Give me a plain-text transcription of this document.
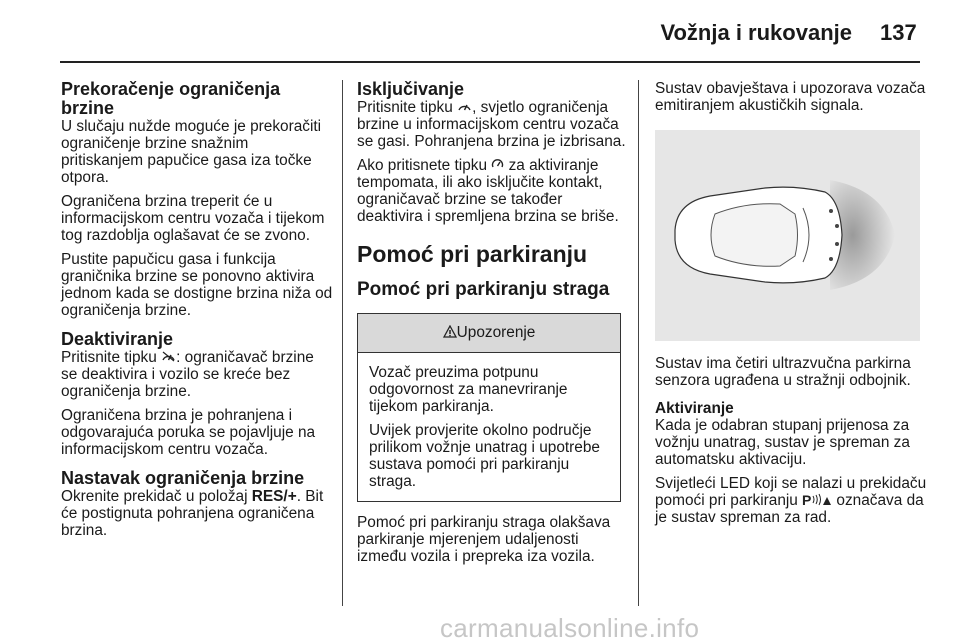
Vožnja i rukovanje 137
Prekoračenje ograničenja brzine

U slučaju nužde moguće je prekoračiti ograničenje brzine snažnim pritiskanjem papučice gasa iza točke otpora.

Ograničena brzina treperit će u informacijskom centru vozača i tijekom tog razdoblja oglašavat će se zvono.

Pustite papučicu gasa i funkcija graničnika brzine se ponovno aktivira jednom kada se dostigne brzina niža od ograničenja brzine.

Deaktiviranje

Pritisnite tipku : ograničavač brzine se deaktivira i vozilo se kreće bez ograničenja brzine.

Ograničena brzina je pohranjena i odgovarajuća poruka se pojavljuje na informacijskom centru vozača.

Nastavak ograničenja brzine

Okrenite prekidač u položaj RES/+. Bit će postignuta pohranjena ograničena brzina.

Isključivanje

Pritisnite tipku , svjetlo ograničenja brzine u informacijskom centru vozača se gasi. Pohranjena brzina je izbrisana.

Ako pritisnete tipku  za aktiviranje tempomata, ili ako isključite kontakt, ograničavač brzine se također deaktivira i spremljena brzina se briše.

Pomoć pri parkiranju
Pomoć pri parkiranju straga
Upozorenje

Vozač preuzima potpunu odgovornost za manevriranje tijekom parkiranja.

Uvijek provjerite okolno područje prilikom vožnje unatrag i upotrebe sustava pomoći pri parkiranju straga.

Pomoć pri parkiranju straga olakšava parkiranje mjerenjem udaljenosti između vozila i prepreka iza vozila.

Sustav obavještava i upozorava vozača emitiranjem akustičkih signala.

Sustav ima četiri ultrazvučna parkirna senzora ugrađena u stražnji odbojnik.

Aktiviranje

Kada je odabran stupanj prijenosa za vožnju unatrag, sustav je spreman za automatsku aktivaciju.

Svijetleći LED koji se nalazi u prekidaču pomoći pri parkiranju P označava da je sustav spreman za rad.

carmanualsonline.info
